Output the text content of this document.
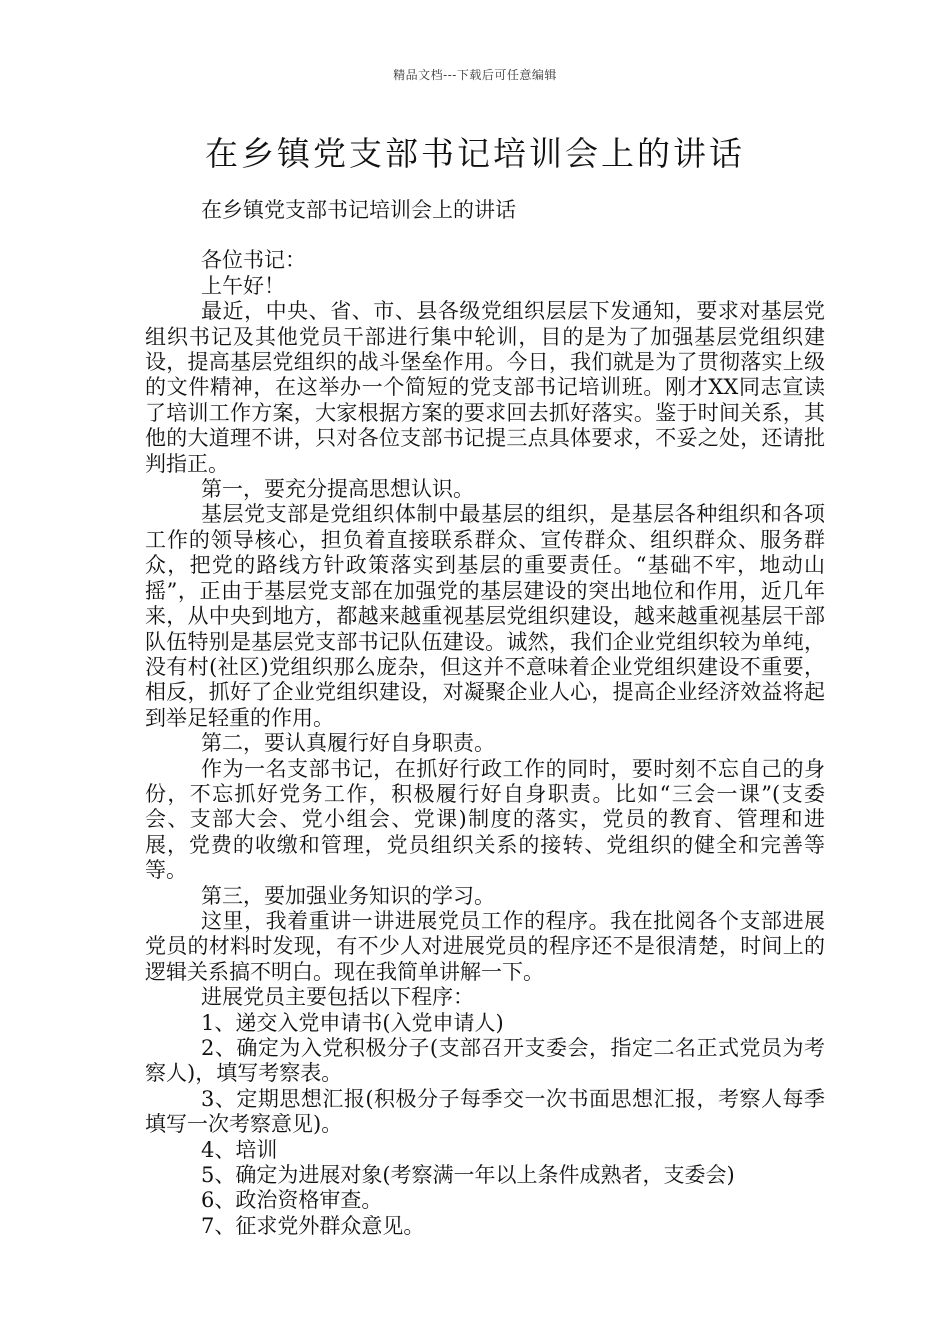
精品文档---下载后可任意编辑
在乡镇党支部书记培训会上的讲话

在乡镇党支部书记培训会上的讲话

各位书记：

上午好！

最近，中央、省、市、县各级党组织层层下发通知，要求对基层党组织书记及其他党员干部进行集中轮训，目的是为了加强基层党组织建设，提高基层党组织的战斗堡垒作用。今日，我们就是为了贯彻落实上级的文件精神，在这举办一个简短的党支部书记培训班。刚才XX同志宣读了培训工作方案，大家根据方案的要求回去抓好落实。鉴于时间关系，其他的大道理不讲，只对各位支部书记提三点具体要求，不妥之处，还请批判指正。

第一，要充分提高思想认识。

基层党支部是党组织体制中最基层的组织，是基层各种组织和各项工作的领导核心，担负着直接联系群众、宣传群众、组织群众、服务群众，把党的路线方针政策落实到基层的重要责任。“基础不牢，地动山摇”，正由于基层党支部在加强党的基层建设的突出地位和作用，近几年来，从中央到地方，都越来越重视基层党组织建设，越来越重视基层干部队伍特别是基层党支部书记队伍建设。诚然，我们企业党组织较为单纯，没有村(社区)党组织那么庞杂，但这并不意味着企业党组织建设不重要，相反，抓好了企业党组织建设，对凝聚企业人心，提高企业经济效益将起到举足轻重的作用。

第二，要认真履行好自身职责。

作为一名支部书记，在抓好行政工作的同时，要时刻不忘自己的身份，不忘抓好党务工作，积极履行好自身职责。比如“三会一课”(支委会、支部大会、党小组会、党课)制度的落实，党员的教育、管理和进展，党费的收缴和管理，党员组织关系的接转、党组织的健全和完善等等。

第三，要加强业务知识的学习。

这里，我着重讲一讲进展党员工作的程序。我在批阅各个支部进展党员的材料时发现，有不少人对进展党员的程序还不是很清楚，时间上的逻辑关系搞不明白。现在我简单讲解一下。

进展党员主要包括以下程序：

1、递交入党申请书(入党申请人)

2、确定为入党积极分子(支部召开支委会，指定二名正式党员为考察人)，填写考察表。

3、定期思想汇报(积极分子每季交一次书面思想汇报，考察人每季填写一次考察意见)。

4、培训

5、确定为进展对象(考察满一年以上条件成熟者，支委会)

6、政治资格审查。

7、征求党外群众意见。
